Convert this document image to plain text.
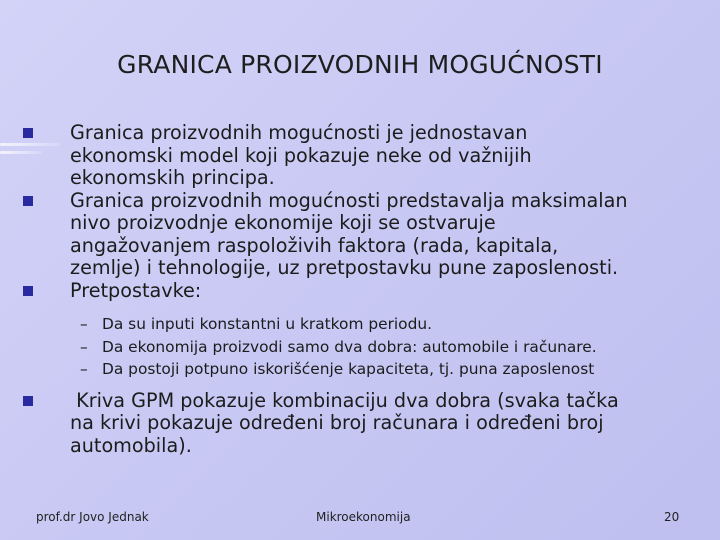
GRANICA PROIZVODNIH MOGUĆNOSTI
Granica proizvodnih mogućnosti je jednostavan
ekonomski model koji pokazuje neke od važnijih
ekonomskih principa.
Granica proizvodnih mogućnosti predstavalja maksimalan
nivo proizvodnje ekonomije koji se ostvaruje
angažovanjem raspoloživih faktora (rada, kapitala,
zemlje) i tehnologije, uz pretpostavku pune zaposlenosti.
Pretpostavke:
– Da su inputi konstantni u kratkom periodu.
– Da ekonomija proizvodi samo dva dobra: automobile i računare.
– Da postoji potpuno iskorišćenje kapaciteta, tj. puna zaposlenost
Kriva GPM pokazuje kombinaciju dva dobra (svaka tačka
na krivi pokazuje određeni broj računara i određeni broj
automobila).
prof.dr Jovo Jednak	Mikroekonomija	20
